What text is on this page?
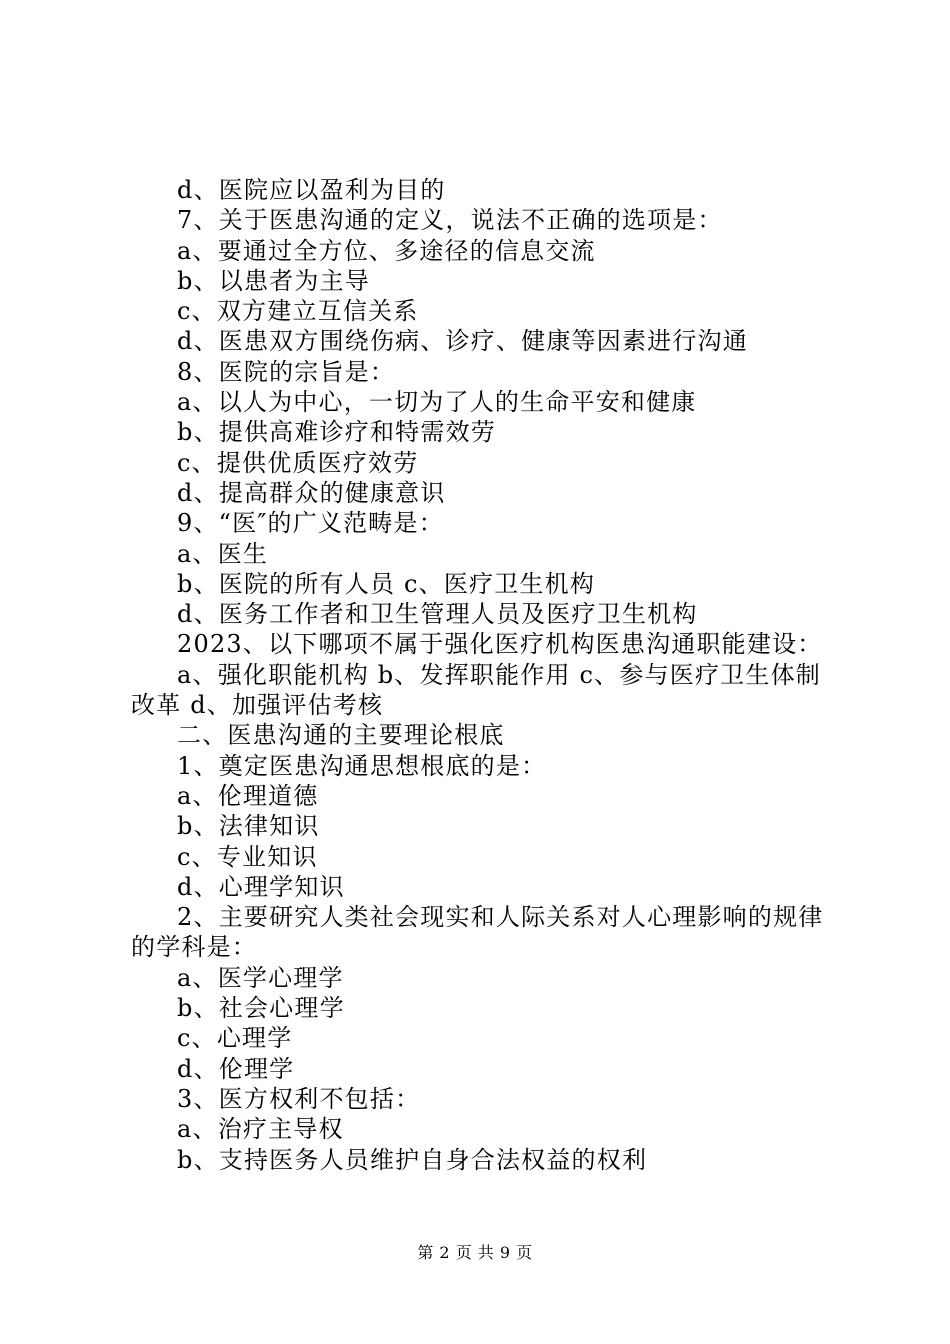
d、医院应以盈利为目的
7、关于医患沟通的定义，说法不正确的选项是：
a、要通过全方位、多途径的信息交流
b、以患者为主导
c、双方建立互信关系
d、医患双方围绕伤病、诊疗、健康等因素进行沟通
8、医院的宗旨是：
a、以人为中心，一切为了人的生命平安和健康
b、提供高难诊疗和特需效劳
c、提供优质医疗效劳
d、提高群众的健康意识
9、“医″的广义范畴是：
a、医生
b、医院的所有人员 c、医疗卫生机构
d、医务工作者和卫生管理人员及医疗卫生机构
2023、以下哪项不属于强化医疗机构医患沟通职能建设：
a、强化职能机构 b、发挥职能作用 c、参与医疗卫生体制改革 d、加强评估考核
二、医患沟通的主要理论根底
1、奠定医患沟通思想根底的是：
a、伦理道德
b、法律知识
c、专业知识
d、心理学知识
2、主要研究人类社会现实和人际关系对人心理影响的规律的学科是：
a、医学心理学
b、社会心理学
c、心理学
d、伦理学
3、医方权利不包括：
a、治疗主导权
b、支持医务人员维护自身合法权益的权利
第 2 页 共 9 页
